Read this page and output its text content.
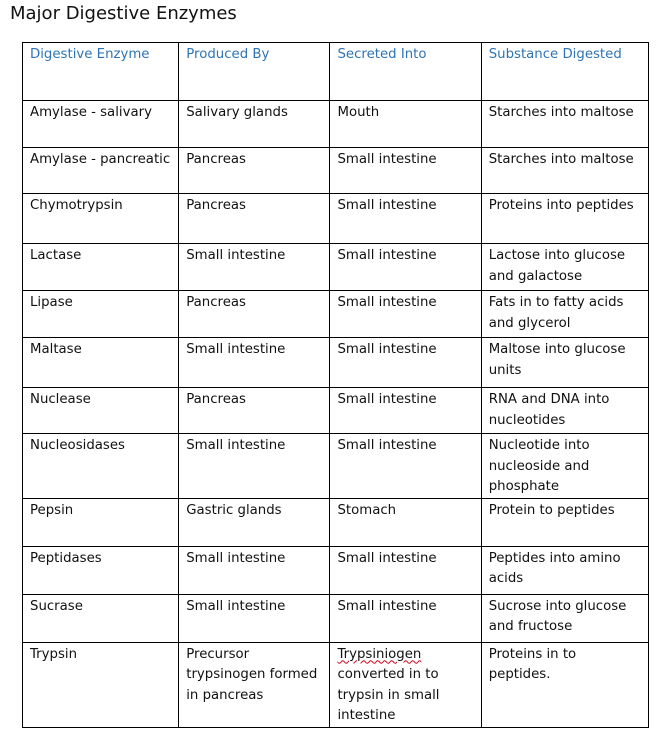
Major Digestive Enzymes
Digestive Enzyme	Produced By	Secreted Into	Substance Digested
Amylase - salivary	Salivary glands	Mouth	Starches into maltose
Amylase - pancreatic	Pancreas	Small intestine	Starches into maltose
Chymotrypsin	Pancreas	Small intestine	Proteins into peptides
Lactase	Small intestine	Small intestine	Lactose into glucose and galactose
Lipase	Pancreas	Small intestine	Fats in to fatty acids and glycerol
Maltase	Small intestine	Small intestine	Maltose into glucose units
Nuclease	Pancreas	Small intestine	RNA and DNA into nucleotides
Nucleosidases	Small intestine	Small intestine	Nucleotide into nucleoside and phosphate
Pepsin	Gastric glands	Stomach	Protein to peptides
Peptidases	Small intestine	Small intestine	Peptides into amino acids
Sucrase	Small intestine	Small intestine	Sucrose into glucose and fructose
Trypsin	Precursor trypsinogen formed in pancreas	Trypsiniogen converted in to trypsin in small intestine	Proteins in to peptides.
